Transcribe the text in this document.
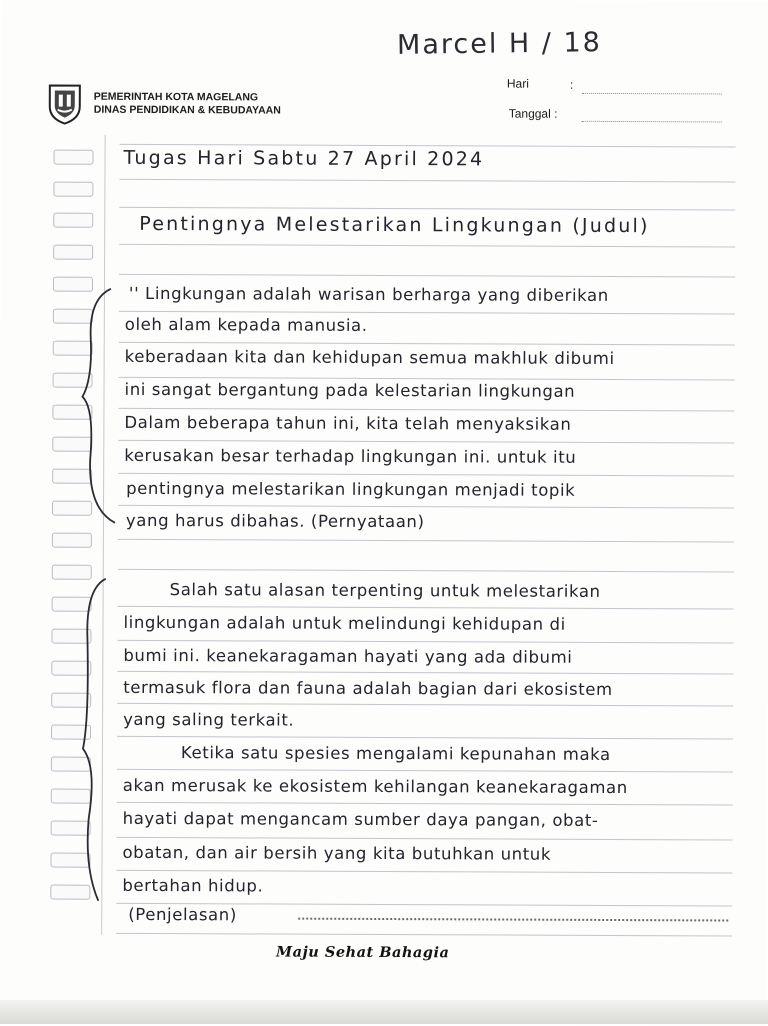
Marcel H / 18
PEMERINTAH KOTA MAGELANG
DINAS PENDIDIKAN & KEBUDAYAAN
Hari	:
Tanggal :
Tugas Hari Sabtu 27 April 2024
Pentingnya Melestarikan Lingkungan (Judul)
'' Lingkungan adalah warisan berharga yang diberikan
oleh alam kepada manusia.
keberadaan kita dan kehidupan semua makhluk dibumi
ini sangat bergantung pada kelestarian lingkungan
Dalam beberapa tahun ini, kita telah menyaksikan
kerusakan besar terhadap lingkungan ini. untuk itu
pentingnya melestarikan lingkungan menjadi topik
yang harus dibahas. (Pernyataan)
Salah satu alasan terpenting untuk melestarikan
lingkungan adalah untuk melindungi kehidupan di
bumi ini. keanekaragaman hayati yang ada dibumi
termasuk flora dan fauna adalah bagian dari ekosistem
yang saling terkait.
Ketika satu spesies mengalami kepunahan maka
akan merusak ke ekosistem kehilangan keanekaragaman
hayati dapat mengancam sumber daya pangan, obat-
obatan, dan air bersih yang kita butuhkan untuk
bertahan hidup.
(Penjelasan)
Maju Sehat Bahagia
